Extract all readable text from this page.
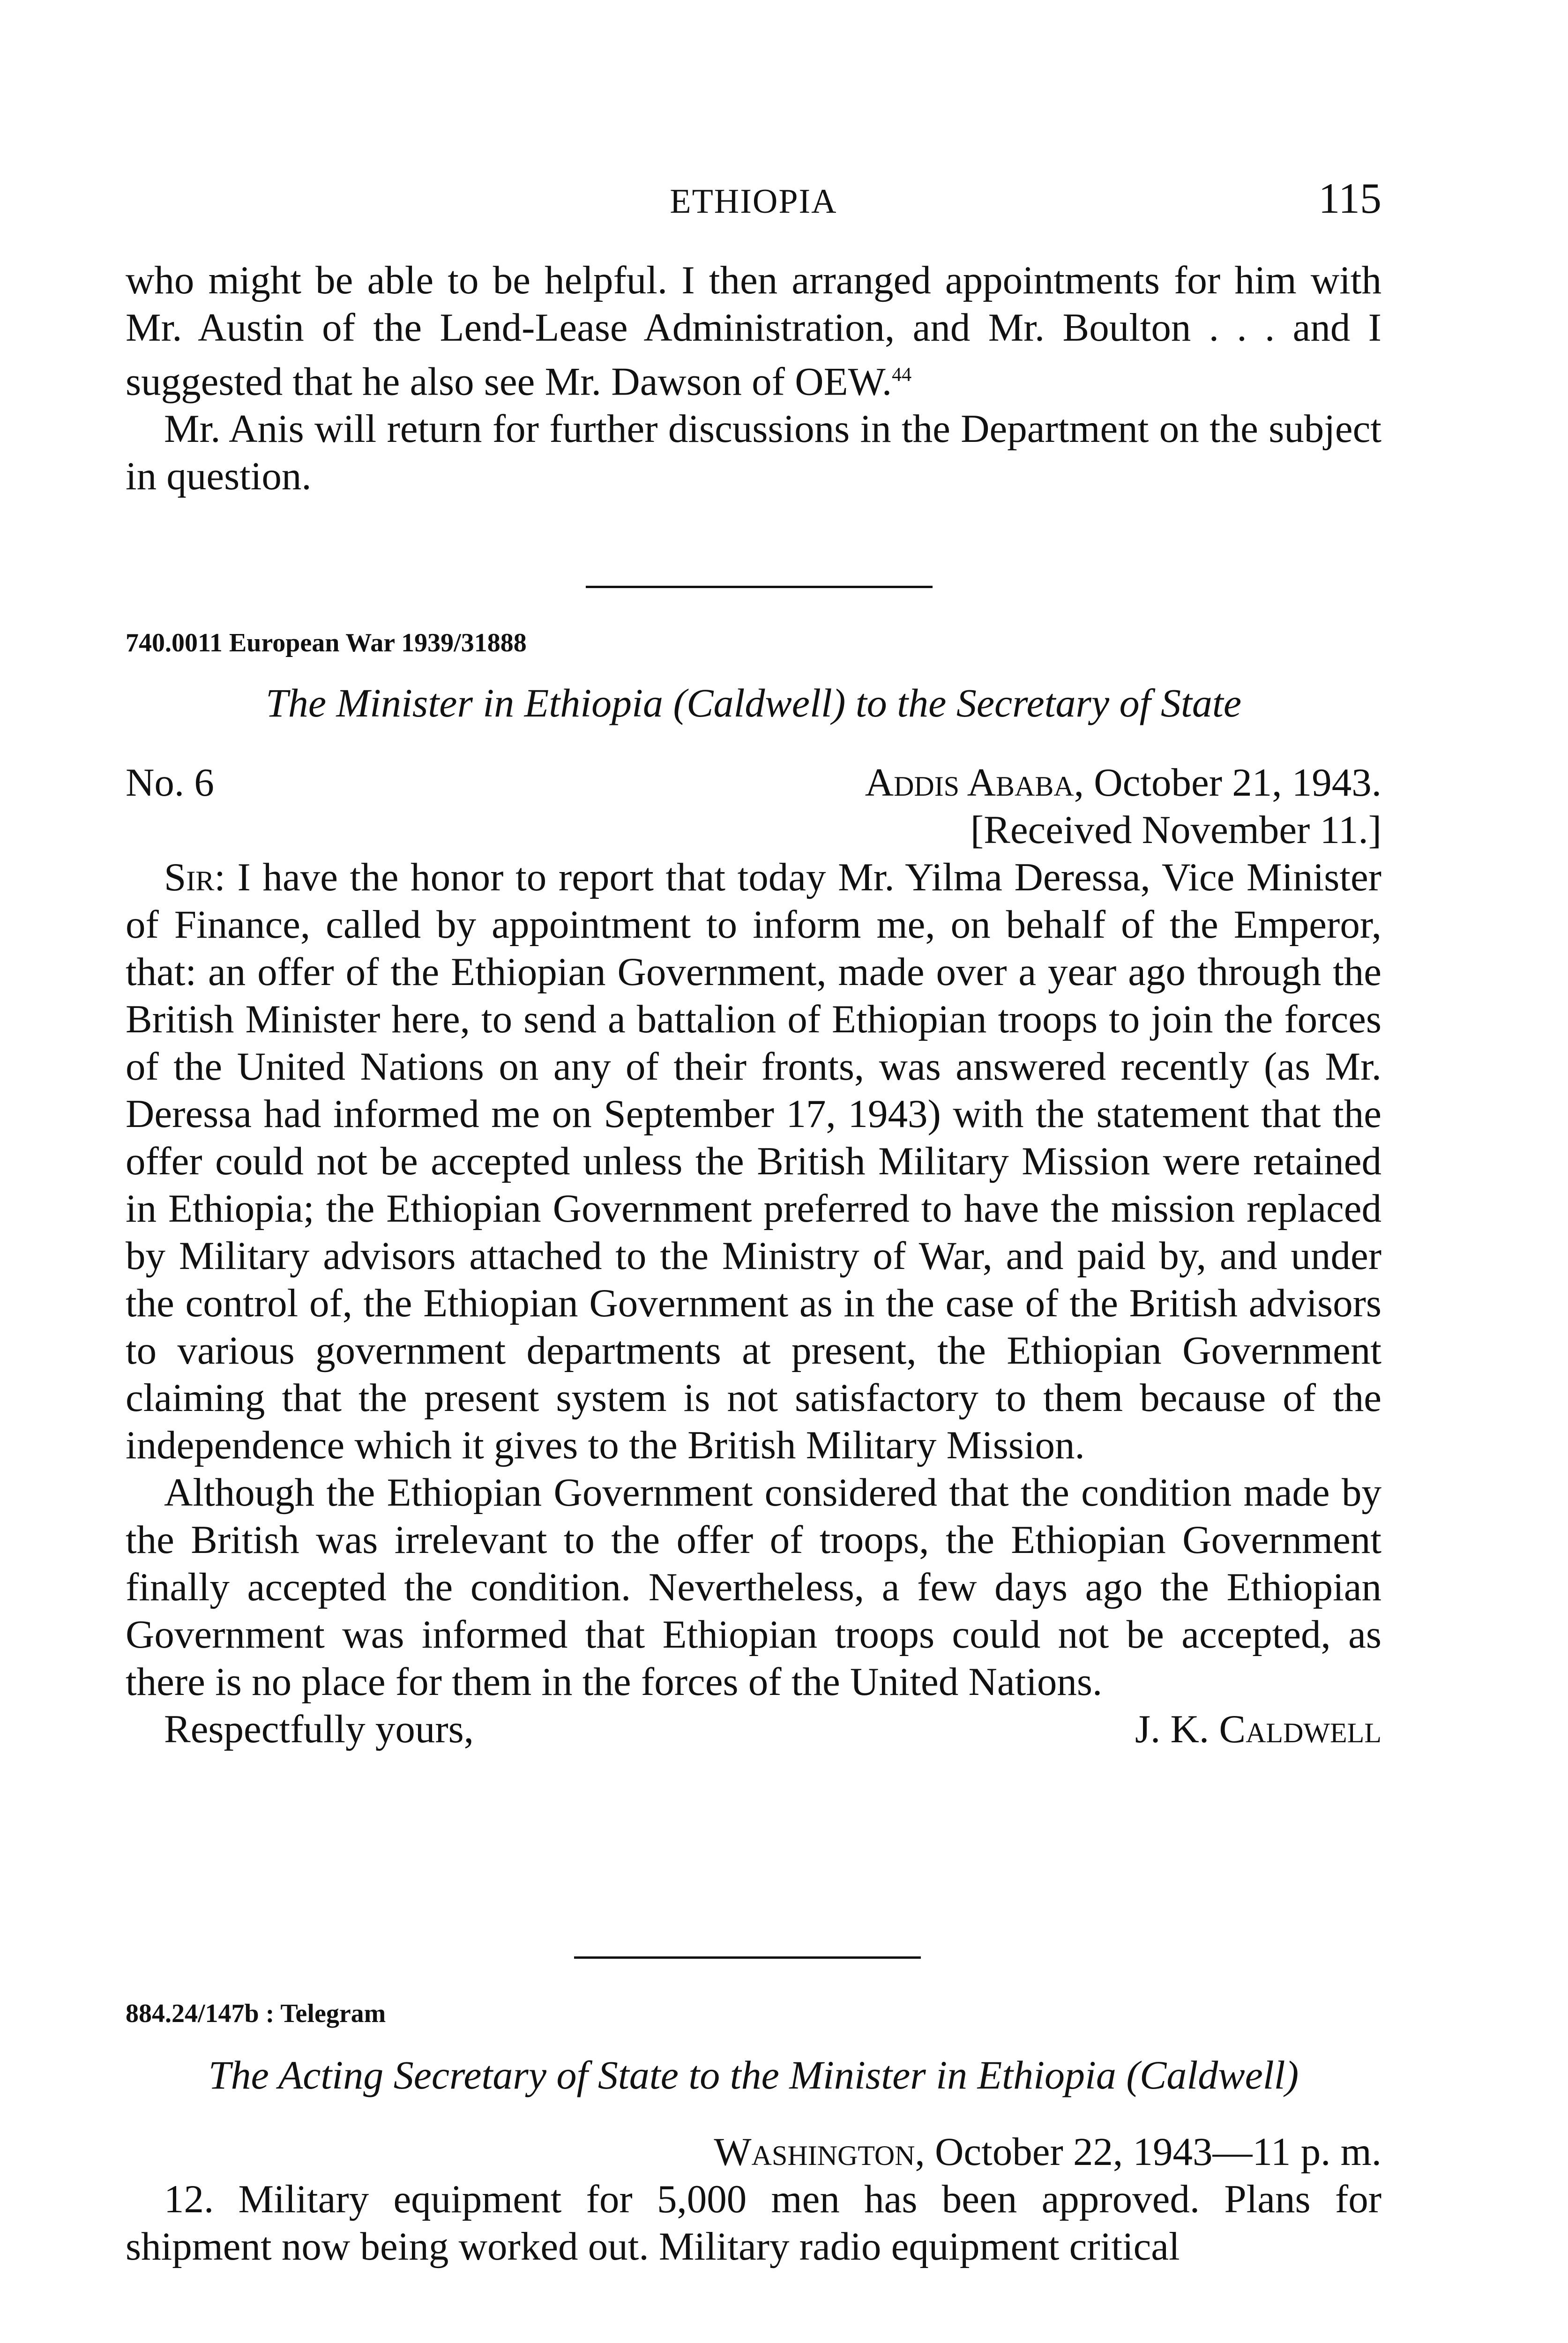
ETHIOPIA	115

who might be able to be helpful. I then arranged appointments for him with Mr. Austin of the Lend-Lease Administration, and Mr. Boulton . . . and I suggested that he also see Mr. Dawson of OEW.$^{44}$

Mr. Anis will return for further discussions in the Department on the subject in question.

740.0011 European War 1939/31888
The Minister in Ethiopia (Caldwell) to the Secretary of State
No. 6	Addis Ababa, October 21, 1943.
[Received November 11.]

Sir: I have the honor to report that today Mr. Yilma Deressa, Vice Minister of Finance, called by appointment to inform me, on behalf of the Emperor, that: an offer of the Ethiopian Government, made over a year ago through the British Minister here, to send a battalion of Ethiopian troops to join the forces of the United Nations on any of their fronts, was answered recently (as Mr. Deressa had informed me on September 17, 1943) with the statement that the offer could not be accepted unless the British Military Mission were retained in Ethiopia; the Ethiopian Government preferred to have the mission replaced by Military advisors attached to the Ministry of War, and paid by, and under the control of, the Ethiopian Government as in the case of the British advisors to various government departments at present, the Ethiopian Government claiming that the present system is not satisfactory to them because of the independence which it gives to the British Military Mission.

Although the Ethiopian Government considered that the condition made by the British was irrelevant to the offer of troops, the Ethiopian Government finally accepted the condition. Nevertheless, a few days ago the Ethiopian Government was informed that Ethiopian troops could not be accepted, as there is no place for them in the forces of the United Nations.

Respectfully yours,	J. K. Caldwell
884.24/147b : Telegram
The Acting Secretary of State to the Minister in Ethiopia (Caldwell)
Washington, October 22, 1943—11 p. m.

12. Military equipment for 5,000 men has been approved. Plans for shipment now being worked out. Military radio equipment critical
